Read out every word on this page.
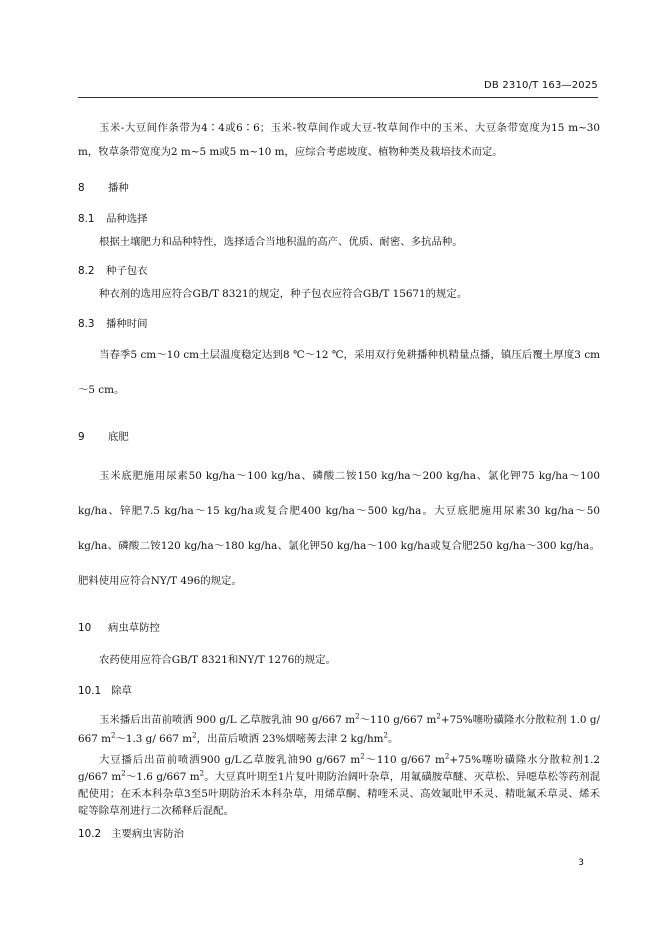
DB 2310/T 163—2025

玉米-大豆间作条带为4∶4或6∶6；玉米-牧草间作或大豆-牧草间作中的玉米、大豆条带宽度为15 m~30 m，牧草条带宽度为2 m~5 m或5 m~10 m，应综合考虑坡度、植物种类及栽培技术而定。

8 播种

8.1 品种选择

根据土壤肥力和品种特性，选择适合当地积温的高产、优质、耐密、多抗品种。

8.2 种子包衣

种衣剂的选用应符合GB/T 8321的规定，种子包衣应符合GB/T 15671的规定。

8.3 播种时间

当春季5 cm～10 cm土层温度稳定达到8 ℃～12 ℃，采用双行免耕播种机精量点播，镇压后覆土厚度3 cm～5 cm。

9 底肥

玉米底肥施用尿素50 kg/ha～100 kg/ha、磷酸二铵150 kg/ha～200 kg/ha、氯化钾75 kg/ha～100 kg/ha、锌肥7.5 kg/ha～15 kg/ha或复合肥400 kg/ha～500 kg/ha。大豆底肥施用尿素30 kg/ha～50 kg/ha、磷酸二铵120 kg/ha～180 kg/ha、氯化钾50 kg/ha～100 kg/ha或复合肥250 kg/ha～300 kg/ha。肥料使用应符合NY/T 496的规定。

10 病虫草防控

农药使用应符合GB/T 8321和NY/T 1276的规定。

10.1 除草

玉米播后出苗前喷洒 900 g/L 乙草胺乳油 90 g/667 $m^2\sim 110$ g/667 $m^2+75\%$噻吩磺隆水分散粒剂 1.0 g/ 667 $m^2\sim 1.3$ g/ 667 $m^2$，出苗后喷洒 23%烟嘧莠去津 2 $kg/hm^2$。

大豆播后出苗前喷洒900 g/L乙草胺乳油90 g/667 $m^2\sim 110$ g/667 $m^2+75\%$噻吩磺隆水分散粒剂1.2 g/667 $m^2\sim 1.6$ g/667 $m^2$。大豆真叶期至1片复叶期防治阔叶杂草，用氟磺胺草醚、灭草松、异噁草松等药剂混配使用；在禾本科杂草3至5叶期防治禾本科杂草，用烯草酮、精喹禾灵、高效氟吡甲禾灵、精吡氟禾草灵、烯禾啶等除草剂进行二次稀释后混配。

10.2 主要病虫害防治

3
